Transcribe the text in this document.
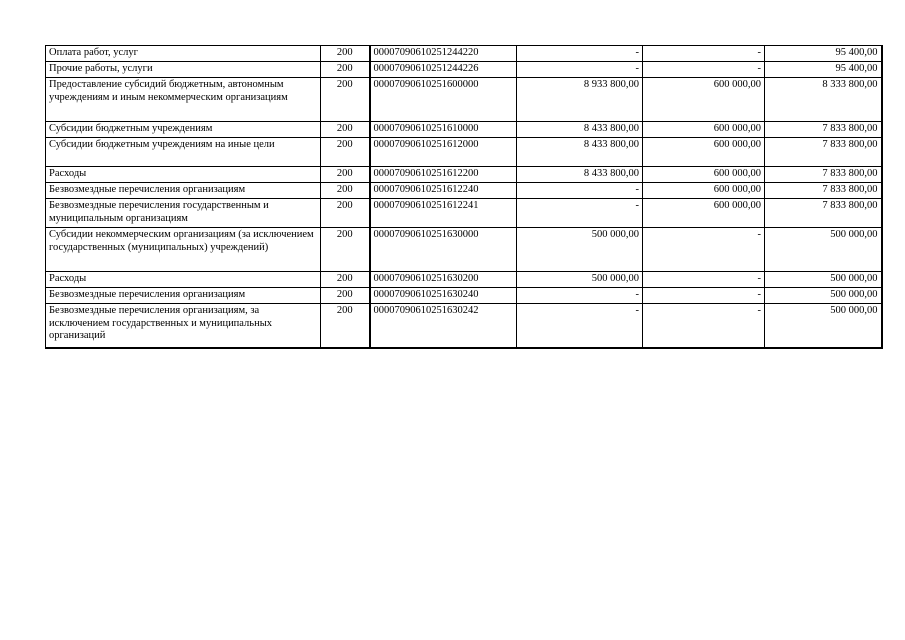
Оплата работ, услуг	200	00007090610251244220	-	-	95 400,00
Прочие работы, услуги	200	00007090610251244226	-	-	95 400,00
Предоставление субсидий бюджетным, автономным учреждениям и иным некоммерческим организациям	200	00007090610251600000	8 933 800,00	600 000,00	8 333 800,00
Субсидии бюджетным учреждениям	200	00007090610251610000	8 433 800,00	600 000,00	7 833 800,00
Субсидии бюджетным учреждениям на иные цели	200	00007090610251612000	8 433 800,00	600 000,00	7 833 800,00
Расходы	200	00007090610251612200	8 433 800,00	600 000,00	7 833 800,00
Безвозмездные перечисления организациям	200	00007090610251612240	-	600 000,00	7 833 800,00
Безвозмездные перечисления государственным и муниципальным организациям	200	00007090610251612241	-	600 000,00	7 833 800,00
Субсидии некоммерческим организациям (за исключением государственных (муниципальных) учреждений)	200	00007090610251630000	500 000,00	-	500 000,00
Расходы	200	00007090610251630200	500 000,00	-	500 000,00
Безвозмездные перечисления организациям	200	00007090610251630240	-	-	500 000,00
Безвозмездные перечисления организациям, за исключением государственных и муниципальных организаций	200	00007090610251630242	-	-	500 000,00
